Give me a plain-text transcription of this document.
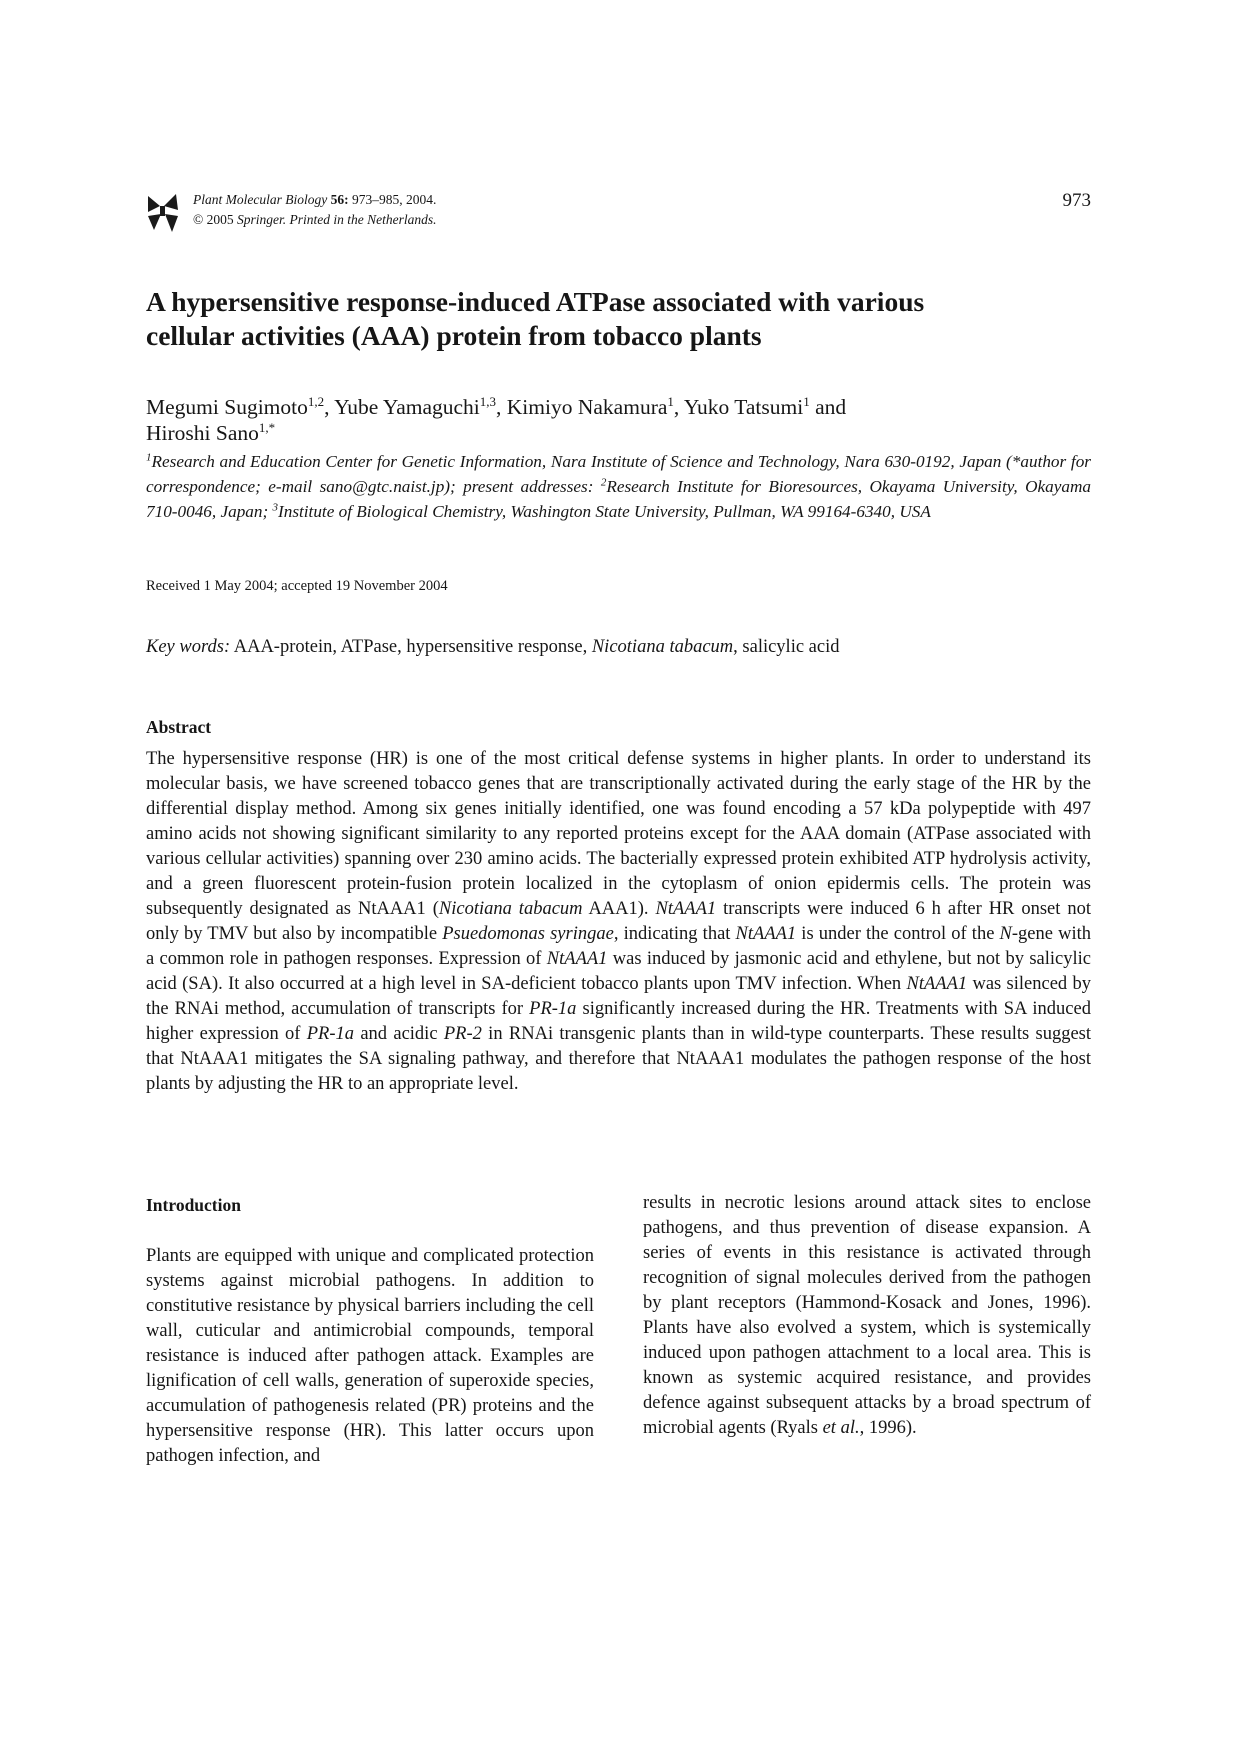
Plant Molecular Biology 56: 973–985, 2004.
© 2005 Springer. Printed in the Netherlands.
973
A hypersensitive response-induced ATPase associated with various
cellular activities (AAA) protein from tobacco plants
Megumi Sugimoto$^{1,2}$, Yube Yamaguchi$^{1,3}$, Kimiyo Nakamura$^1$, Yuko Tatsumi$^1$ and
Hiroshi Sano$^{1,*}$
$^1$Research and Education Center for Genetic Information, Nara Institute of Science and Technology, Nara 630-0192, Japan (*author for correspondence; e-mail sano@gtc.naist.jp); present addresses: $^2$Research Institute for Bioresources, Okayama University, Okayama 710-0046, Japan; $^3$Institute of Biological Chemistry, Washington State University, Pullman, WA 99164-6340, USA
Received 1 May 2004; accepted 19 November 2004
Key words: AAA-protein, ATPase, hypersensitive response, Nicotiana tabacum, salicylic acid
Abstract

The hypersensitive response (HR) is one of the most critical defense systems in higher plants. In order to understand its molecular basis, we have screened tobacco genes that are transcriptionally activated during the early stage of the HR by the differential display method. Among six genes initially identified, one was found encoding a 57 kDa polypeptide with 497 amino acids not showing significant similarity to any reported proteins except for the AAA domain (ATPase associated with various cellular activities) spanning over 230 amino acids. The bacterially expressed protein exhibited ATP hydrolysis activity, and a green fluorescent protein-fusion protein localized in the cytoplasm of onion epidermis cells. The protein was subsequently designated as NtAAA1 (Nicotiana tabacum AAA1). NtAAA1 transcripts were induced 6 h after HR onset not only by TMV but also by incompatible Psuedomonas syringae, indicating that NtAAA1 is under the control of the N-gene with a common role in pathogen responses. Expression of NtAAA1 was induced by jasmonic acid and ethylene, but not by salicylic acid (SA). It also occurred at a high level in SA-deficient tobacco plants upon TMV infection. When NtAAA1 was silenced by the RNAi method, accumulation of transcripts for PR-1a significantly increased during the HR. Treatments with SA induced higher expression of PR-1a and acidic PR-2 in RNAi transgenic plants than in wild-type counterparts. These results suggest that NtAAA1 mitigates the SA signaling pathway, and therefore that NtAAA1 modulates the pathogen response of the host plants by adjusting the HR to an appropriate level.

Introduction

Plants are equipped with unique and complicated protection systems against microbial pathogens. In addition to constitutive resistance by physical barriers including the cell wall, cuticular and antimicrobial compounds, temporal resistance is induced after pathogen attack. Examples are lignification of cell walls, generation of superoxide species, accumulation of pathogenesis related (PR) proteins and the hypersensitive response (HR). This latter occurs upon pathogen infection, and

results in necrotic lesions around attack sites to enclose pathogens, and thus prevention of disease expansion. A series of events in this resistance is activated through recognition of signal molecules derived from the pathogen by plant receptors (Hammond-Kosack and Jones, 1996). Plants have also evolved a system, which is systemically induced upon pathogen attachment to a local area. This is known as systemic acquired resistance, and provides defence against subsequent attacks by a broad spectrum of microbial agents (Ryals et al., 1996).
